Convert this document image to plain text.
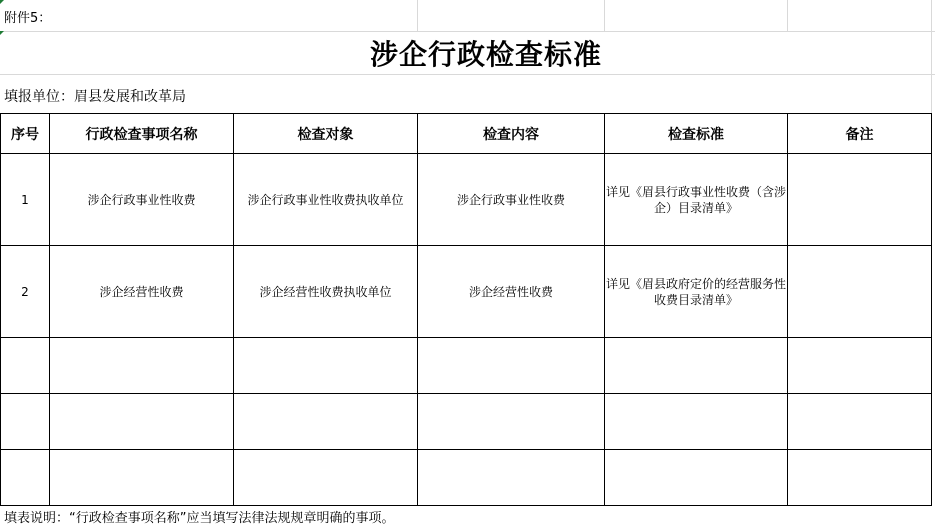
附件5：
涉企行政检查标准
填报单位：眉县发展和改革局
序号	行政检查事项名称	检查对象	检查内容	检查标准	备注
1	涉企行政事业性收费	涉企行政事业性收费执收单位	涉企行政事业性收费	详见《眉县行政事业性收费（含涉企）目录清单》	
2	涉企经营性收费	涉企经营性收费执收单位	涉企经营性收费	详见《眉县政府定价的经营服务性收费目录清单》	

填表说明：“行政检查事项名称”应当填写法律法规规章明确的事项。
